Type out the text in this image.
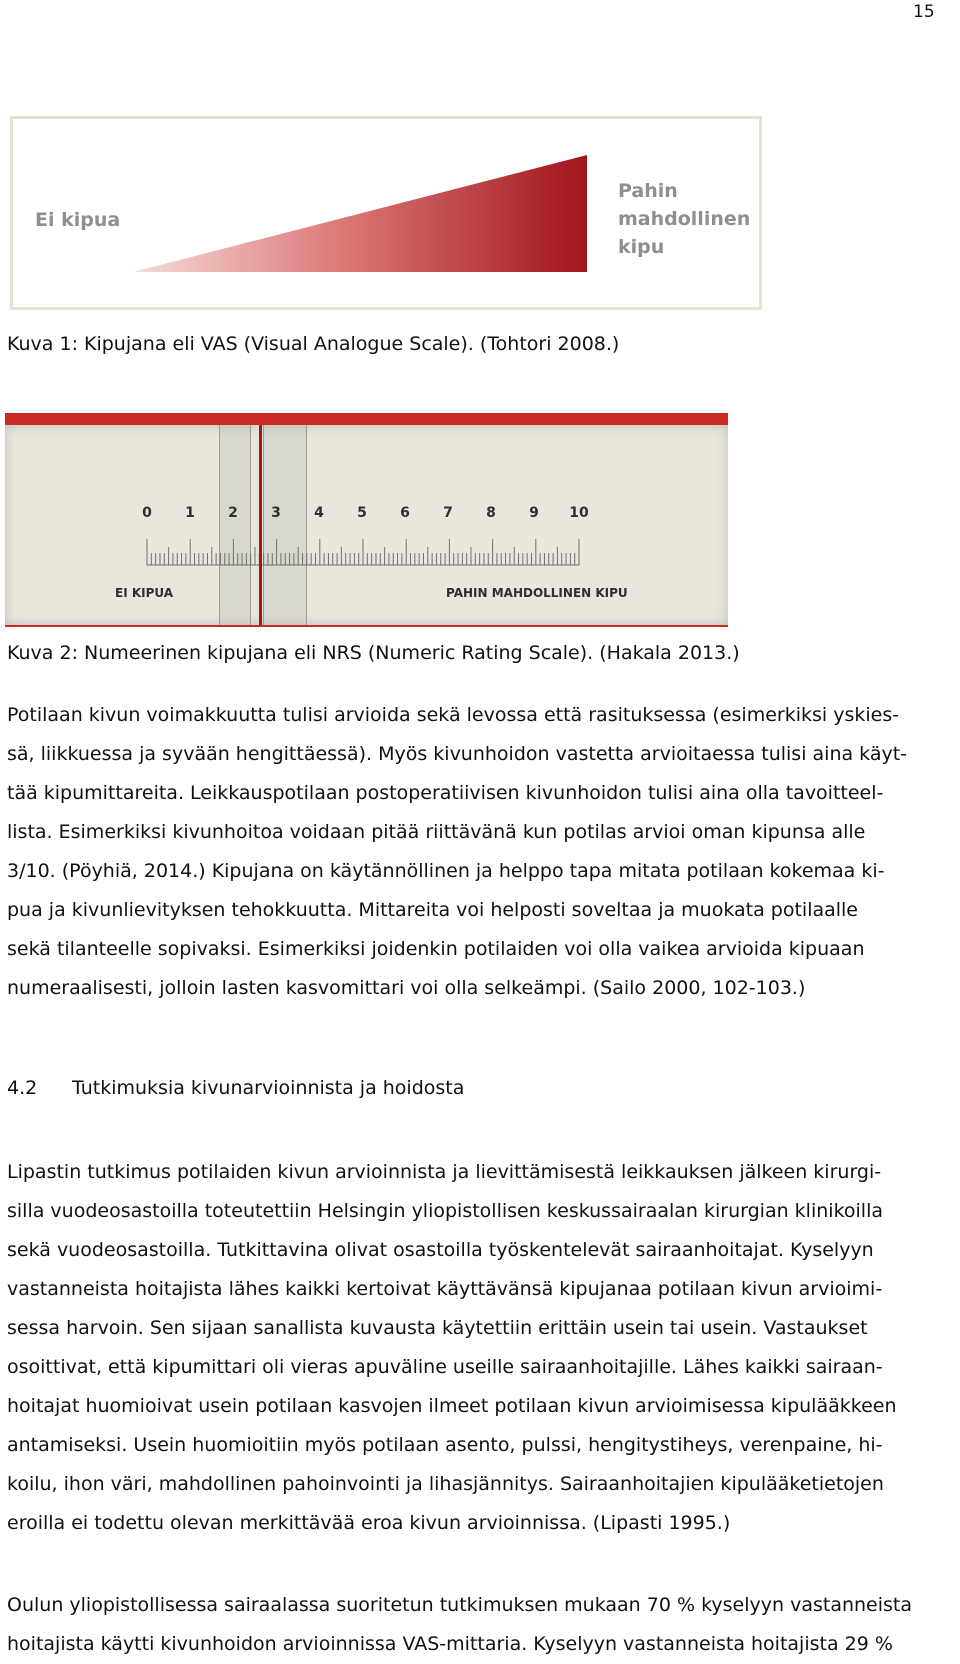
15
Ei kipua
Pahin
mahdollinen
kipu
Kuva 1: Kipujana eli VAS (Visual Analogue Scale). (Tohtori 2008.)
0	1	2	3	4	5	6	7	8	9	10
EI KIPUA	PAHIN MAHDOLLINEN KIPU
Kuva 2: Numeerinen kipujana eli NRS (Numeric Rating Scale). (Hakala 2013.)
Potilaan kivun voimakkuutta tulisi arvioida sekä levossa että rasituksessa (esimerkiksi yskies-
sä, liikkuessa ja syvään hengittäessä). Myös kivunhoidon vastetta arvioitaessa tulisi aina käyt-
tää kipumittareita. Leikkauspotilaan postoperatiivisen kivunhoidon tulisi aina olla tavoitteel-
lista. Esimerkiksi kivunhoitoa voidaan pitää riittävänä kun potilas arvioi oman kipunsa alle
3/10. (Pöyhiä, 2014.) Kipujana on käytännöllinen ja helppo tapa mitata potilaan kokemaa ki-
pua ja kivunlievityksen tehokkuutta. Mittareita voi helposti soveltaa ja muokata potilaalle
sekä tilanteelle sopivaksi. Esimerkiksi joidenkin potilaiden voi olla vaikea arvioida kipuaan
numeraalisesti, jolloin lasten kasvomittari voi olla selkeämpi. (Sailo 2000, 102-103.)
4.2 Tutkimuksia kivunarvioinnista ja hoidosta
Lipastin tutkimus potilaiden kivun arvioinnista ja lievittämisestä leikkauksen jälkeen kirurgi-
silla vuodeosastoilla toteutettiin Helsingin yliopistollisen keskussairaalan kirurgian klinikoilla
sekä vuodeosastoilla. Tutkittavina olivat osastoilla työskentelevät sairaanhoitajat. Kyselyyn
vastanneista hoitajista lähes kaikki kertoivat käyttävänsä kipujanaa potilaan kivun arvioimi-
sessa harvoin. Sen sijaan sanallista kuvausta käytettiin erittäin usein tai usein. Vastaukset
osoittivat, että kipumittari oli vieras apuväline useille sairaanhoitajille. Lähes kaikki sairaan-
hoitajat huomioivat usein potilaan kasvojen ilmeet potilaan kivun arvioimisessa kipulääkkeen
antamiseksi. Usein huomioitiin myös potilaan asento, pulssi, hengitystiheys, verenpaine, hi-
koilu, ihon väri, mahdollinen pahoinvointi ja lihasjännitys. Sairaanhoitajien kipulääketietojen
eroilla ei todettu olevan merkittävää eroa kivun arvioinnissa. (Lipasti 1995.)
Oulun yliopistollisessa sairaalassa suoritetun tutkimuksen mukaan 70 % kyselyyn vastanneista
hoitajista käytti kivunhoidon arvioinnissa VAS-mittaria. Kyselyyn vastanneista hoitajista 29 %
